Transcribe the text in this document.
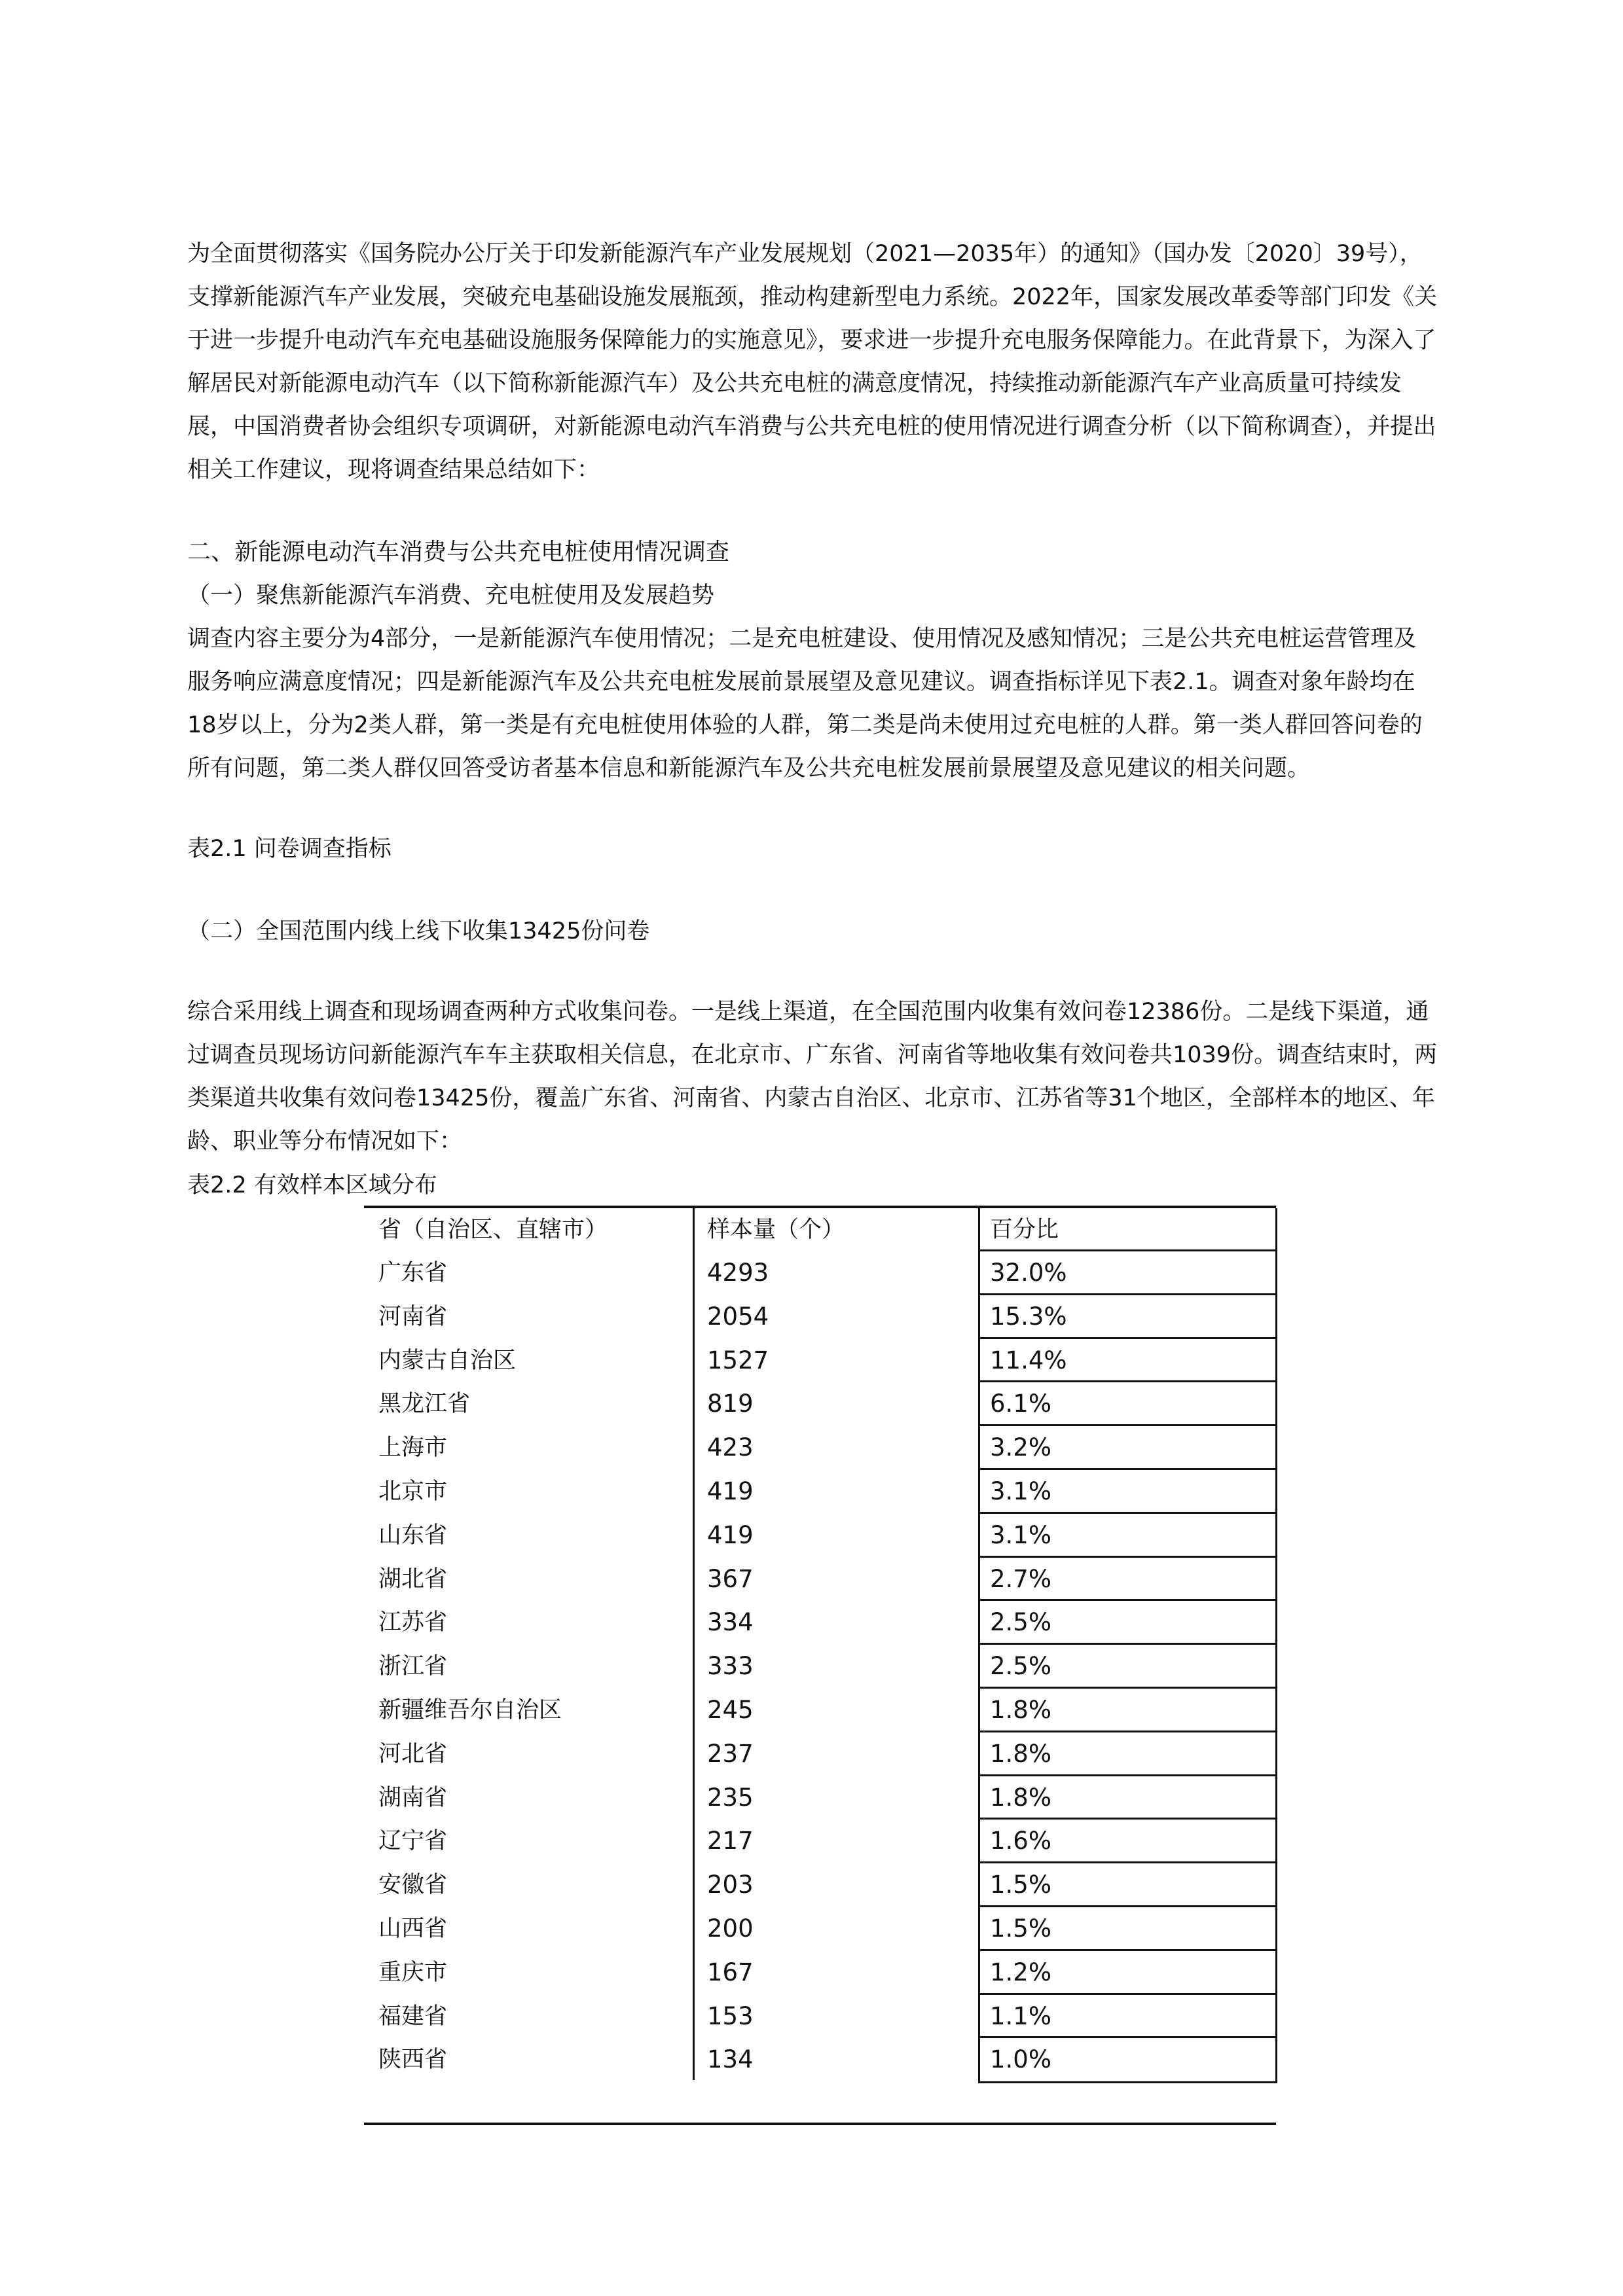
为全面贯彻落实《国务院办公厅关于印发新能源汽车产业发展规划（2021—2035年）的通知》（国办发〔2020〕39号），支撑新能源汽车产业发展，突破充电基础设施发展瓶颈，推动构建新型电力系统。2022年，国家发展改革委等部门印发《关于进一步提升电动汽车充电基础设施服务保障能力的实施意见》，要求进一步提升充电服务保障能力。在此背景下，为深入了解居民对新能源电动汽车（以下简称新能源汽车）及公共充电桩的满意度情况，持续推动新能源汽车产业高质量可持续发展，中国消费者协会组织专项调研，对新能源电动汽车消费与公共充电桩的使用情况进行调查分析（以下简称调查），并提出相关工作建议，现将调查结果总结如下：

二、新能源电动汽车消费与公共充电桩使用情况调查

（一）聚焦新能源汽车消费、充电桩使用及发展趋势

调查内容主要分为4部分，一是新能源汽车使用情况；二是充电桩建设、使用情况及感知情况；三是公共充电桩运营管理及服务响应满意度情况；四是新能源汽车及公共充电桩发展前景展望及意见建议。调查指标详见下表2.1。调查对象年龄均在18岁以上，分为2类人群，第一类是有充电桩使用体验的人群，第二类是尚未使用过充电桩的人群。第一类人群回答问卷的所有问题，第二类人群仅回答受访者基本信息和新能源汽车及公共充电桩发展前景展望及意见建议的相关问题。

表2.1 问卷调查指标

（二）全国范围内线上线下收集13425份问卷

综合采用线上调查和现场调查两种方式收集问卷。一是线上渠道，在全国范围内收集有效问卷12386份。二是线下渠道，通过调查员现场访问新能源汽车车主获取相关信息，在北京市、广东省、河南省等地收集有效问卷共1039份。调查结束时，两类渠道共收集有效问卷13425份，覆盖广东省、河南省、内蒙古自治区、北京市、江苏省等31个地区，全部样本的地区、年龄、职业等分布情况如下：

表2.2 有效样本区域分布

省（自治区、直辖市）	样本量（个）	百分比
广东省	4293	32.0%
河南省	2054	15.3%
内蒙古自治区	1527	11.4%
黑龙江省	819	6.1%
上海市	423	3.2%
北京市	419	3.1%
山东省	419	3.1%
湖北省	367	2.7%
江苏省	334	2.5%
浙江省	333	2.5%
新疆维吾尔自治区	245	1.8%
河北省	237	1.8%
湖南省	235	1.8%
辽宁省	217	1.6%
安徽省	203	1.5%
山西省	200	1.5%
重庆市	167	1.2%
福建省	153	1.1%
陕西省	134	1.0%
